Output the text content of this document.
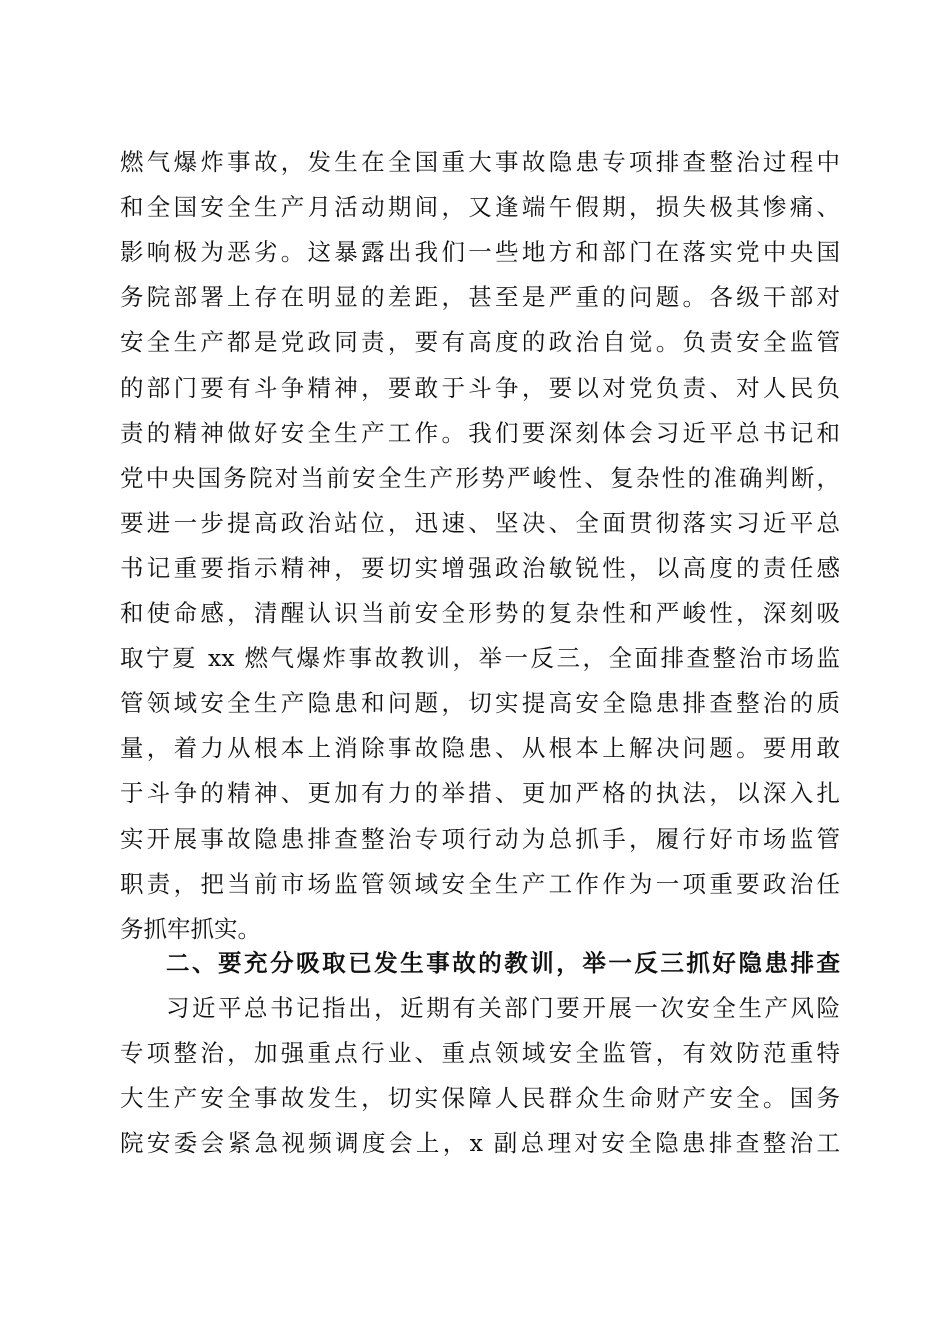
燃气爆炸事故，发生在全国重大事故隐患专项排查整治过程中
和全国安全生产月活动期间，又逢端午假期，损失极其惨痛、
影响极为恶劣。这暴露出我们一些地方和部门在落实党中央国
务院部署上存在明显的差距，甚至是严重的问题。各级干部对
安全生产都是党政同责，要有高度的政治自觉。负责安全监管
的部门要有斗争精神，要敢于斗争，要以对党负责、对人民负
责的精神做好安全生产工作。我们要深刻体会习近平总书记和
党中央国务院对当前安全生产形势严峻性、复杂性的准确判断，
要进一步提高政治站位，迅速、坚决、全面贯彻落实习近平总
书记重要指示精神，要切实增强政治敏锐性，以高度的责任感
和使命感，清醒认识当前安全形势的复杂性和严峻性，深刻吸
取宁夏 xx 燃气爆炸事故教训，举一反三，全面排查整治市场监
管领域安全生产隐患和问题，切实提高安全隐患排查整治的质
量，着力从根本上消除事故隐患、从根本上解决问题。要用敢
于斗争的精神、更加有力的举措、更加严格的执法，以深入扎
实开展事故隐患排查整治专项行动为总抓手，履行好市场监管
职责，把当前市场监管领域安全生产工作作为一项重要政治任
务抓牢抓实。
二、要充分吸取已发生事故的教训，举一反三抓好隐患排查
习近平总书记指出，近期有关部门要开展一次安全生产风险
专项整治，加强重点行业、重点领域安全监管，有效防范重特
大生产安全事故发生，切实保障人民群众生命财产安全。国务
院安委会紧急视频调度会上，x 副总理对安全隐患排查整治工
